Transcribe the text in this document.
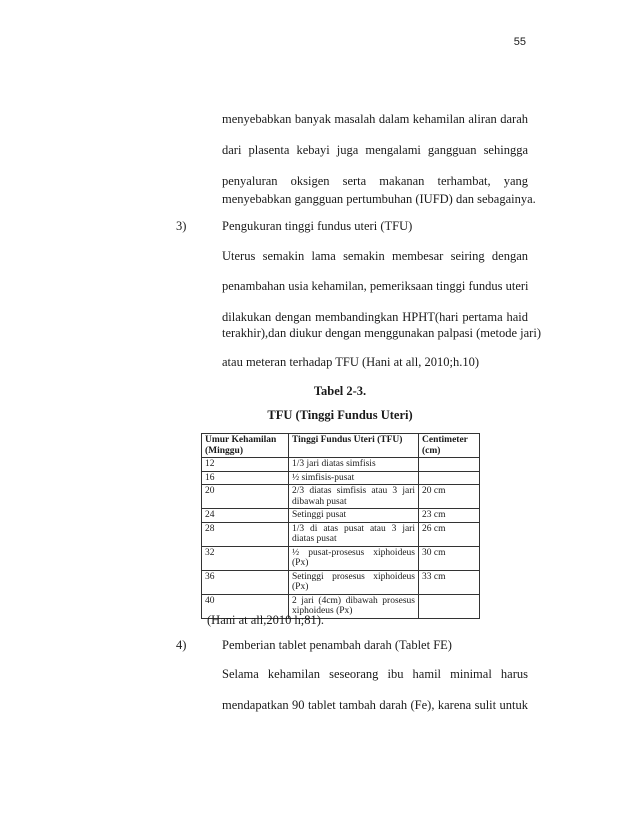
55
menyebabkan banyak masalah dalam kehamilan aliran darah
dari plasenta kebayi juga mengalami gangguan sehingga
penyaluran oksigen serta makanan terhambat, yang
menyebabkan gangguan pertumbuhan (IUFD) dan sebagainya.
3)	Pengukuran tinggi fundus uteri (TFU)
Uterus semakin lama semakin membesar seiring dengan
penambahan usia kehamilan, pemeriksaan tinggi fundus uteri
dilakukan dengan membandingkan HPHT(hari pertama haid
terakhir),dan diukur dengan menggunakan palpasi (metode jari)
atau meteran terhadap TFU (Hani at all, 2010;h.10)
Tabel 2-3.
TFU (Tinggi Fundus Uteri)
Umur Kehamilan (Minggu)	Tinggi Fundus Uteri (TFU)	Centimeter (cm)
12	1/3 jari diatas simfisis	
16	½ simfisis-pusat	
20	2/3 diatas simfisis atau 3 jari dibawah pusat	20 cm
24	Setinggi pusat	23 cm
28	1/3 di atas pusat atau 3 jari diatas pusat	26 cm
32	½ pusat-prosesus xiphoideus (Px)	30 cm
36	Setinggi prosesus xiphoideus (Px)	33 cm
40	2 jari (4cm) dibawah prosesus xiphoideus (Px)	
(Hani at all,2010 h;81).
4)	Pemberian tablet penambah darah (Tablet FE)
Selama kehamilan seseorang ibu hamil minimal harus
mendapatkan 90 tablet tambah darah (Fe), karena sulit untuk
